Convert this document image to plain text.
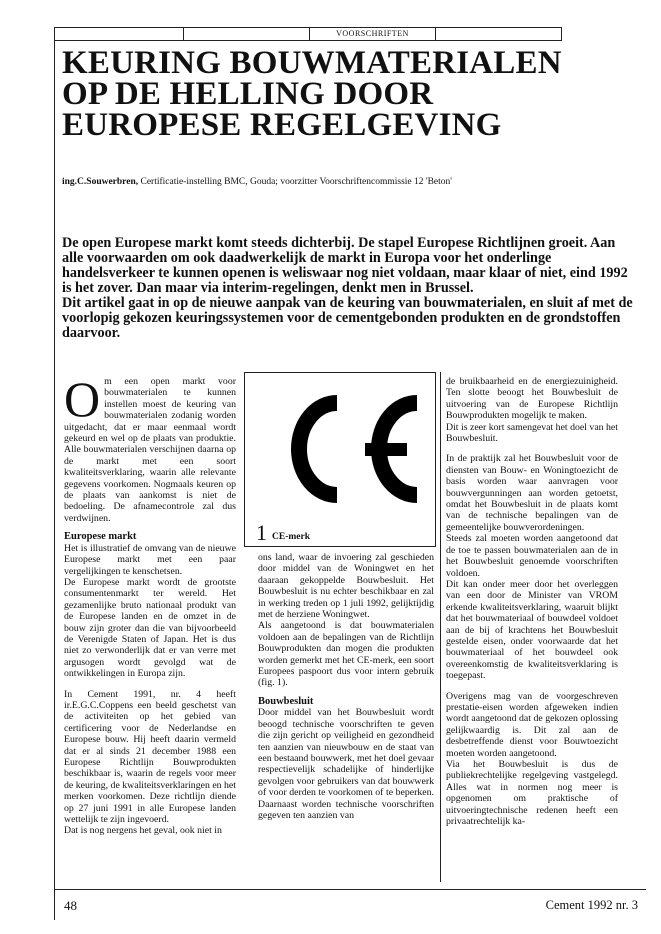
VOORSCHRIFTEN
KEURING BOUWMATERIALEN
OP DE HELLING DOOR
EUROPESE REGELGEVING
ing.C.Souwerbren, Certificatie-instelling BMC, Gouda; voorzitter Voorschriftencommissie 12 'Beton'

De open Europese markt komt steeds dichterbij. De stapel Europese Richtlijnen groeit. Aan alle voorwaarden om ook daadwerkelijk de markt in Europa voor het onderlinge handelsverkeer te kunnen openen is weliswaar nog niet voldaan, maar klaar of niet, eind 1992 is het zover. Dan maar via interim-regelingen, denkt men in Brussel.

Dit artikel gaat in op de nieuwe aanpak van de keuring van bouwmaterialen, en sluit af met de voorlopig gekozen keuringssystemen voor de cementgebonden produkten en de grondstoffen daarvoor.

Om een open markt voor bouwmaterialen te kunnen instellen moest de keuring van bouwmaterialen zodanig worden uitgedacht, dat er maar eenmaal wordt gekeurd en wel op de plaats van produktie. Alle bouwmaterialen verschijnen daarna op de markt met een soort kwaliteitsverklaring, waarin alle relevante gegevens voorkomen. Nogmaals keuren op de plaats van aankomst is niet de bedoeling. De afnamecontrole zal dus verdwijnen.

Europese markt

Het is illustratief de omvang van de nieuwe Europese markt met een paar vergelijkingen te kenschetsen.

De Europese markt wordt de grootste consumentenmarkt ter wereld. Het gezamenlijke bruto nationaal produkt van de Europese landen en de omzet in de bouw zijn groter dan die van bijvoorbeeld de Verenigde Staten of Japan. Het is dus niet zo verwonderlijk dat er van verre met argusogen wordt gevolgd wat de ontwikkelingen in Europa zijn.

In Cement 1991, nr. 4 heeft ir.E.G.C.Coppens een beeld geschetst van de activiteiten op het gebied van certificering voor de Nederlandse en Europese bouw. Hij heeft daarin vermeld dat er al sinds 21 december 1988 een Europese Richtlijn Bouwprodukten beschikbaar is, waarin de regels voor meer de keuring, de kwaliteitsverklaringen en het merken voorkomen. Deze richtlijn diende op 27 juni 1991 in alle Europese landen wettelijk te zijn ingevoerd.

Dat is nog nergens het geval, ook niet in

1 CE-merk

ons land, waar de invoering zal geschieden door middel van de Woningwet en het daaraan gekoppelde Bouwbesluit. Het Bouwbesluit is nu echter beschikbaar en zal in werking treden op 1 juli 1992, gelijktijdig met de herziene Woningwet.

Als aangetoond is dat bouwmaterialen voldoen aan de bepalingen van de Richtlijn Bouwprodukten dan mogen die produkten worden gemerkt met het CE-merk, een soort Europees paspoort dus voor intern gebruik (fig. 1).

Bouwbesluit

Door middel van het Bouwbesluit wordt beoogd technische voorschriften te geven die zijn gericht op veiligheid en gezondheid ten aanzien van nieuwbouw en de staat van een bestaand bouwwerk, met het doel gevaar respectievelijk schadelijke of hinderlijke gevolgen voor gebruikers van dat bouwwerk of voor derden te voorkomen of te beperken. Daarnaast worden technische voorschriften gegeven ten aanzien van

de bruikbaarheid en de energiezuinigheid. Ten slotte beoogt het Bouwbesluit de uitvoering van de Europese Richtlijn Bouwprodukten mogelijk te maken.

Dit is zeer kort samengevat het doel van het Bouwbesluit.

In de praktijk zal het Bouwbesluit voor de diensten van Bouw- en Woningtoezicht de basis worden waar aanvragen voor bouwvergunningen aan worden getoetst, omdat het Bouwbesluit in de plaats komt van de technische bepalingen van de gemeentelijke bouwverordeningen.

Steeds zal moeten worden aangetoond dat de toe te passen bouwmaterialen aan de in het Bouwbesluit genoemde voorschriften voldoen.

Dit kan onder meer door het overleggen van een door de Minister van VROM erkende kwaliteitsverklaring, waaruit blijkt dat het bouwmateriaal of bouwdeel voldoet aan de bij of krachtens het Bouwbesluit gestelde eisen, onder voorwaarde dat het bouwmateriaal of het bouwdeel ook overeenkomstig de kwaliteitsverklaring is toegepast.

Overigens mag van de voorgeschreven prestatie-eisen worden afgeweken indien wordt aangetoond dat de gekozen oplossing gelijkwaardig is. Dit zal aan de desbetreffende dienst voor Bouwtoezicht moeten worden aangetoond.

Via het Bouwbesluit is dus de publiekrechtelijke regelgeving vastgelegd. Alles wat in normen nog meer is opgenomen om praktische of uitvoeringtechnische redenen heeft een privaatrechtelijk ka-

48	Cement 1992 nr. 3
